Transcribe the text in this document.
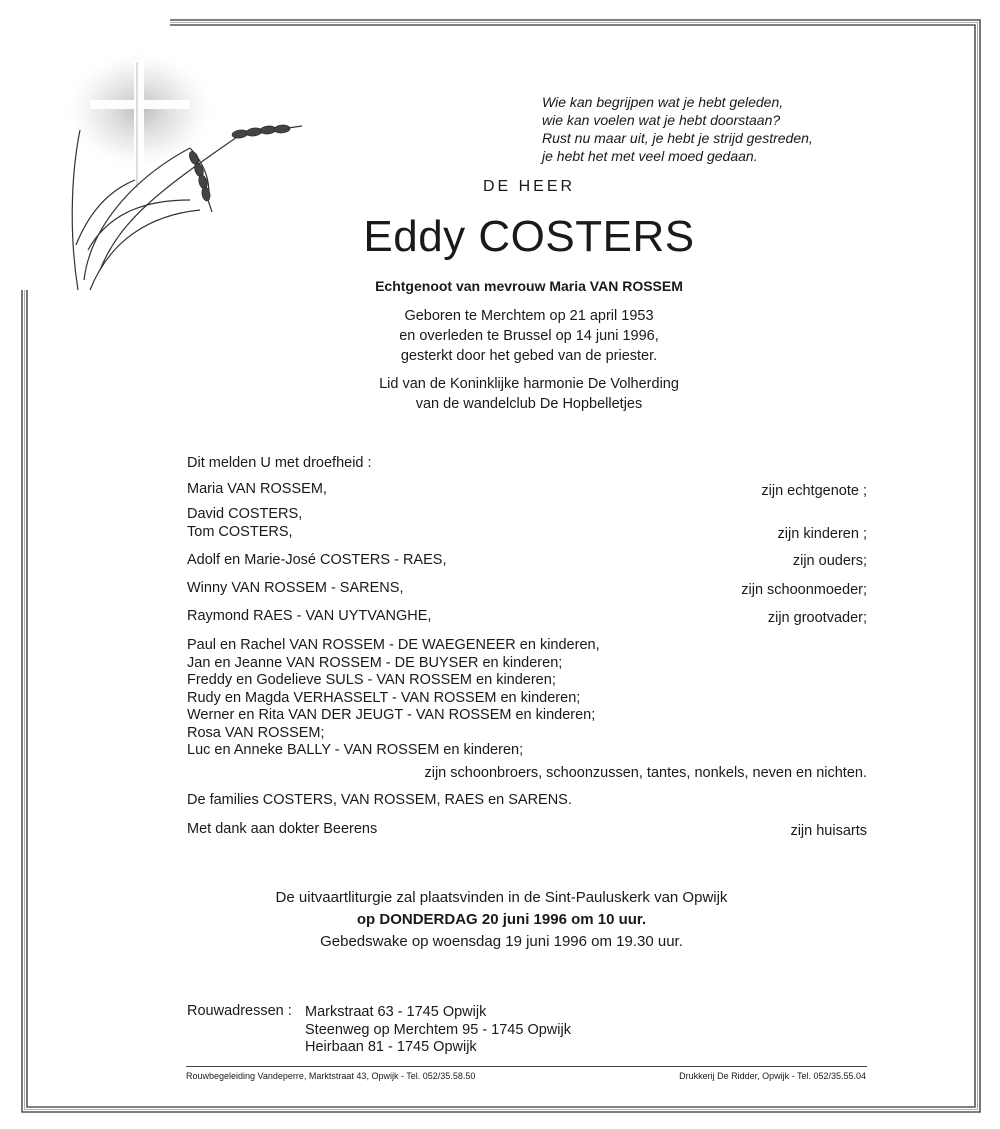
Wie kan begrijpen wat je hebt geleden,
wie kan voelen wat je hebt doorstaan?
Rust nu maar uit, je hebt je strijd gestreden,
je hebt het met veel moed gedaan.
DE HEER
Eddy COSTERS
Echtgenoot van mevrouw Maria VAN ROSSEM
Geboren te Merchtem op 21 april 1953
en overleden te Brussel op 14 juni 1996,
gesterkt door het gebed van de priester.
Lid van de Koninklijke harmonie De Volherding
van de wandelclub De Hopbelletjes
Dit melden U met droefheid :
Maria VAN ROSSEM,	zijn echtgenote ;
David COSTERS,
Tom COSTERS,	zijn kinderen ;
Adolf en Marie-José COSTERS - RAES,	zijn ouders;
Winny VAN ROSSEM - SARENS,	zijn schoonmoeder;
Raymond RAES - VAN UYTVANGHE,	zijn grootvader;
Paul en Rachel VAN ROSSEM - DE WAEGENEER en kinderen,
Jan en Jeanne VAN ROSSEM - DE BUYSER en kinderen;
Freddy en Godelieve SULS - VAN ROSSEM en kinderen;
Rudy en Magda VERHASSELT - VAN ROSSEM en kinderen;
Werner en Rita VAN DER JEUGT - VAN ROSSEM en kinderen;
Rosa VAN ROSSEM;
Luc en Anneke BALLY - VAN ROSSEM en kinderen;
zijn schoonbroers, schoonzussen, tantes, nonkels, neven en nichten.
De families COSTERS, VAN ROSSEM, RAES en SARENS.
Met dank aan dokter Beerens	zijn huisarts
De uitvaartliturgie zal plaatsvinden in de Sint-Pauluskerk van Opwijk
op DONDERDAG 20 juni 1996 om 10 uur.
Gebedswake op woensdag 19 juni 1996 om 19.30 uur.
Rouwadressen : Markstraat 63 - 1745 Opwijk
Steenweg op Merchtem 95 - 1745 Opwijk
Heirbaan 81 - 1745 Opwijk
Rouwbegeleiding Vandeperre, Marktstraat 43, Opwijk - Tel. 052/35.58.50	Drukkerij De Ridder, Opwijk - Tel. 052/35.55.04
